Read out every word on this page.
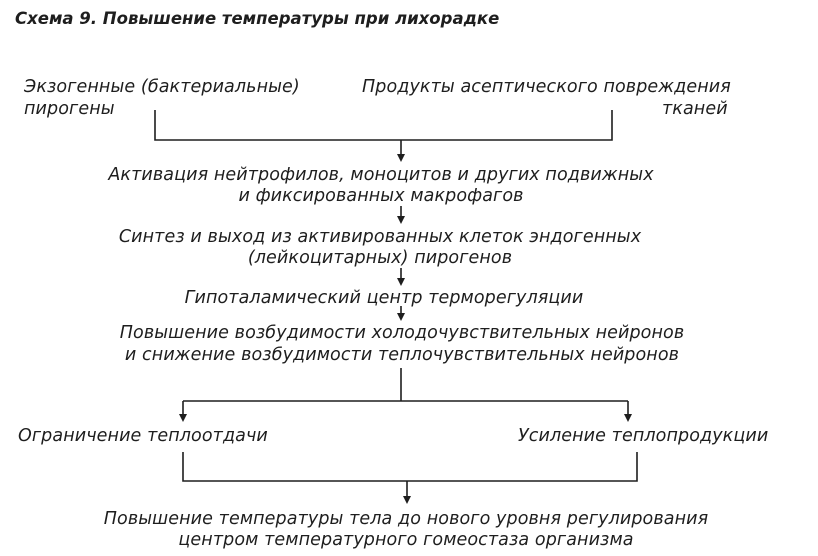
Схема 9. Повышение температуры при лихорадке
Экзогенные (бактериальные)
пирогены
Продукты асептического повреждения
тканей
Активация нейтрофилов, моноцитов и других подвижных
и фиксированных макрофагов
Синтез и выход из активированных клеток эндогенных
(лейкоцитарных) пирогенов
Гипоталамический центр терморегуляции
Повышение возбудимости холодочувствительных нейронов
и снижение возбудимости теплочувствительных нейронов
Ограничение теплоотдачи	Усиление теплопродукции
Повышение температуры тела до нового уровня регулирования
центром температурного гомеостаза организма
